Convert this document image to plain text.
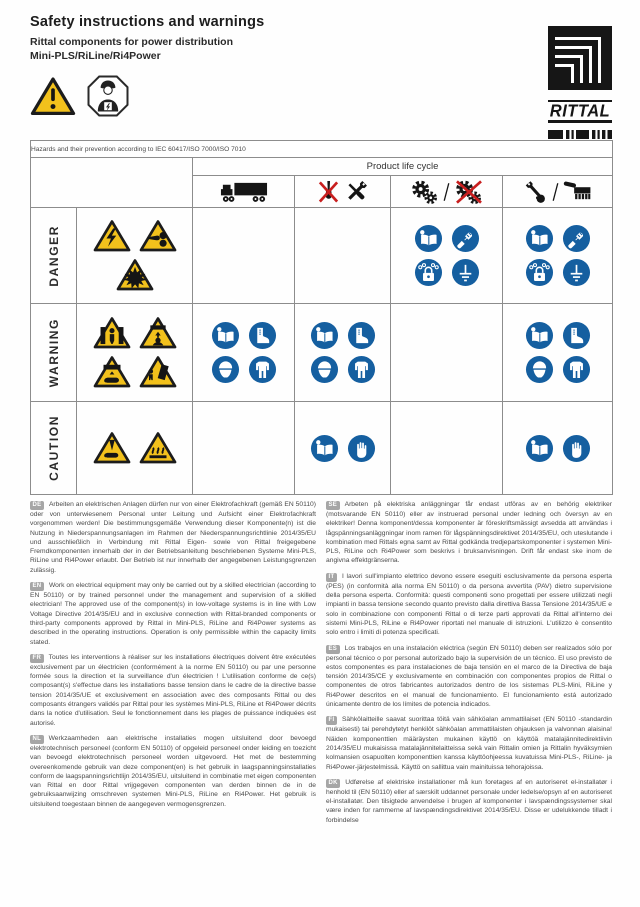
Safety instructions and warnings
Rittal components for power distribution
Mini-PLS/RiLine/Ri4Power
RITTAL
Hazards and their prevention according to IEC 60417/ISO 7000/ISO 7010					
		Product life cycle			

DANGER

WARNING

CAUTION

DE Arbeiten an elektrischen Anlagen dürfen nur von einer Elektrofachkraft (gemäß EN 50110) oder von unterwiesenem Personal unter Leitung und Aufsicht einer Elektrofachkraft vorgenommen werden! Die bestimmungsgemäße Verwendung dieser Komponente(n) ist die Nutzung in Niederspannungsanlagen im Rahmen der Niederspannungsrichtlinie 2014/35/EU und ausschließlich in Verbindung mit Rittal Eigen- sowie von Rittal freigegebene Fremdkomponenten innerhalb der in der Betriebsanleitung beschriebenen Systeme Mini-PLS, RiLine und Ri4Power erlaubt. Der Betrieb ist nur innerhalb der angegebenen Leistungsgrenzen zulässig.

EN Work on electrical equipment may only be carried out by a skilled electrician (according to EN 50110) or by trained personnel under the management and supervision of a skilled electrician! The approved use of the component(s) in low-voltage systems is in line with Low Voltage Directive 2014/35/EU and in exclusive connection with Rittal-branded components or third-party components approved by Rittal in Mini-PLS, RiLine and Ri4Power systems as described in the operating instructions. Operation is only permissible within the capacity limits stated.

FR Toutes les interventions à réaliser sur les installations électriques doivent être exécutées exclusivement par un électricien (conformément à la norme EN 50110) ou par une personne formée sous la direction et la surveillance d'un électricien ! L'utilisation conforme de ce(s) composant(s) s'effectue dans les installations basse tension dans le cadre de la directive basse tension 2014/35/UE et exclusivement en association avec des composants Rittal ou des composants étrangers validés par Rittal pour les systèmes Mini-PLS, RiLine et Ri4Power décrits dans la notice d'utilisation. Seul le fonctionnement dans les plages de puissance indiquées est autorisé.

NL Werkzaamheden aan elektrische installaties mogen uitsluitend door bevoegd elektrotechnisch personeel (conform EN 50110) of opgeleid personeel onder leiding en toezicht van bevoegd elektrotechnisch personeel worden uitgevoerd. Het met de bestemming overeenkomende gebruik van deze component(en) is het gebruik in laagspanningsinstallaties conform de laagspanningsrichtlijn 2014/35/EU, uitsluitend in combinatie met eigen componenten van Rittal en door Rittal vrijgegeven componenten van derden binnen de in de gebruiksaanwijzing omschreven systemen Mini-PLS, RiLine en Ri4Power. Het gebruik is uitsluitend toegestaan binnen de aangegeven vermogensgrenzen.

SE Arbeten på elektriska anläggningar får endast utföras av en behörig elektriker (motsvarande EN 50110) eller av instruerad personal under ledning och översyn av en elektriker! Denna komponent/dessa komponenter är föreskriftsmässigt avsedda att användas i lågspänningsanläggningar inom ramen för lågspänningsdirektivet 2014/35/EU, och uteslutande i kombination med Rittals egna samt av Rittal godkända tredjepartskomponenter i systemen Mini-PLS, RiLine och Ri4Power som beskrivs i bruksanvisningen. Drift får endast ske inom de angivna effektgränserna.

IT I lavori sull'impianto elettrico devono essere eseguiti esclusivamente da persona esperta (PES) (in conformità alla norma EN 50110) o da persona avvertita (PAV) dietro supervisione della persona esperta. Conformità: questi componenti sono progettati per essere utilizzati negli impianti in bassa tensione secondo quanto previsto dalla direttiva Bassa Tensione 2014/35/UE e solo in combinazione con componenti Rittal o di terze parti approvati da Rittal all'interno dei sistemi Mini-PLS, RiLine e Ri4Power riportati nel manuale di istruzioni. L'utilizzo è consentito solo entro i limiti di potenza specificati.

ES Los trabajos en una instalación eléctrica (según EN 50110) deben ser realizados sólo por personal técnico o por personal autorizado bajo la supervisión de un técnico. El uso previsto de estos componentes es para instalaciones de baja tensión en el marco de la Directiva de baja tensión 2014/35/CE y exclusivamente en combinación con componentes propios de Rittal o componentes de otros fabricantes autorizados dentro de los sistemas PLS-Mini, RiLine y Ri4Power descritos en el manual de funcionamiento. El funcionamiento está autorizado únicamente dentro de los límites de potencia indicados.

FI Sähkölaitteille saavat suorittaa töitä vain sähköalan ammattilaiset (EN 50110 -standardin mukaisesti) tai perehdytetyt henkilöt sähköalan ammattilaisten ohjauksen ja valvonnan alaisina! Näiden komponenttien määräysten mukainen käyttö on käyttöä matalajännitedirektiivin 2014/35/EU mukaisissa matalajännitelaitteissa sekä vain Rittalin omien ja Rittalin hyväksymien kolmansien osapuolten komponenttien kanssa käyttöohjeessa kuvatuissa Mini-PLS-, RiLine- ja Ri4Power-järjestelmissä. Käyttö on sallittua vain mainituissa tehorajoissa.

DK Udførelse af elektriske installationer må kun foretages af en autoriseret el-installatør i henhold til (EN 50110) eller af særskilt uddannet personale under ledelse/opsyn af en autoriseret el-installatør. Den tilsigtede anvendelse i brugen af komponenter i lavspændingssystemer skal være inden for rammerne af lavspændingsdirektivet 2014/35/EU. Disse er udelukkende tilladt i forbindelse
